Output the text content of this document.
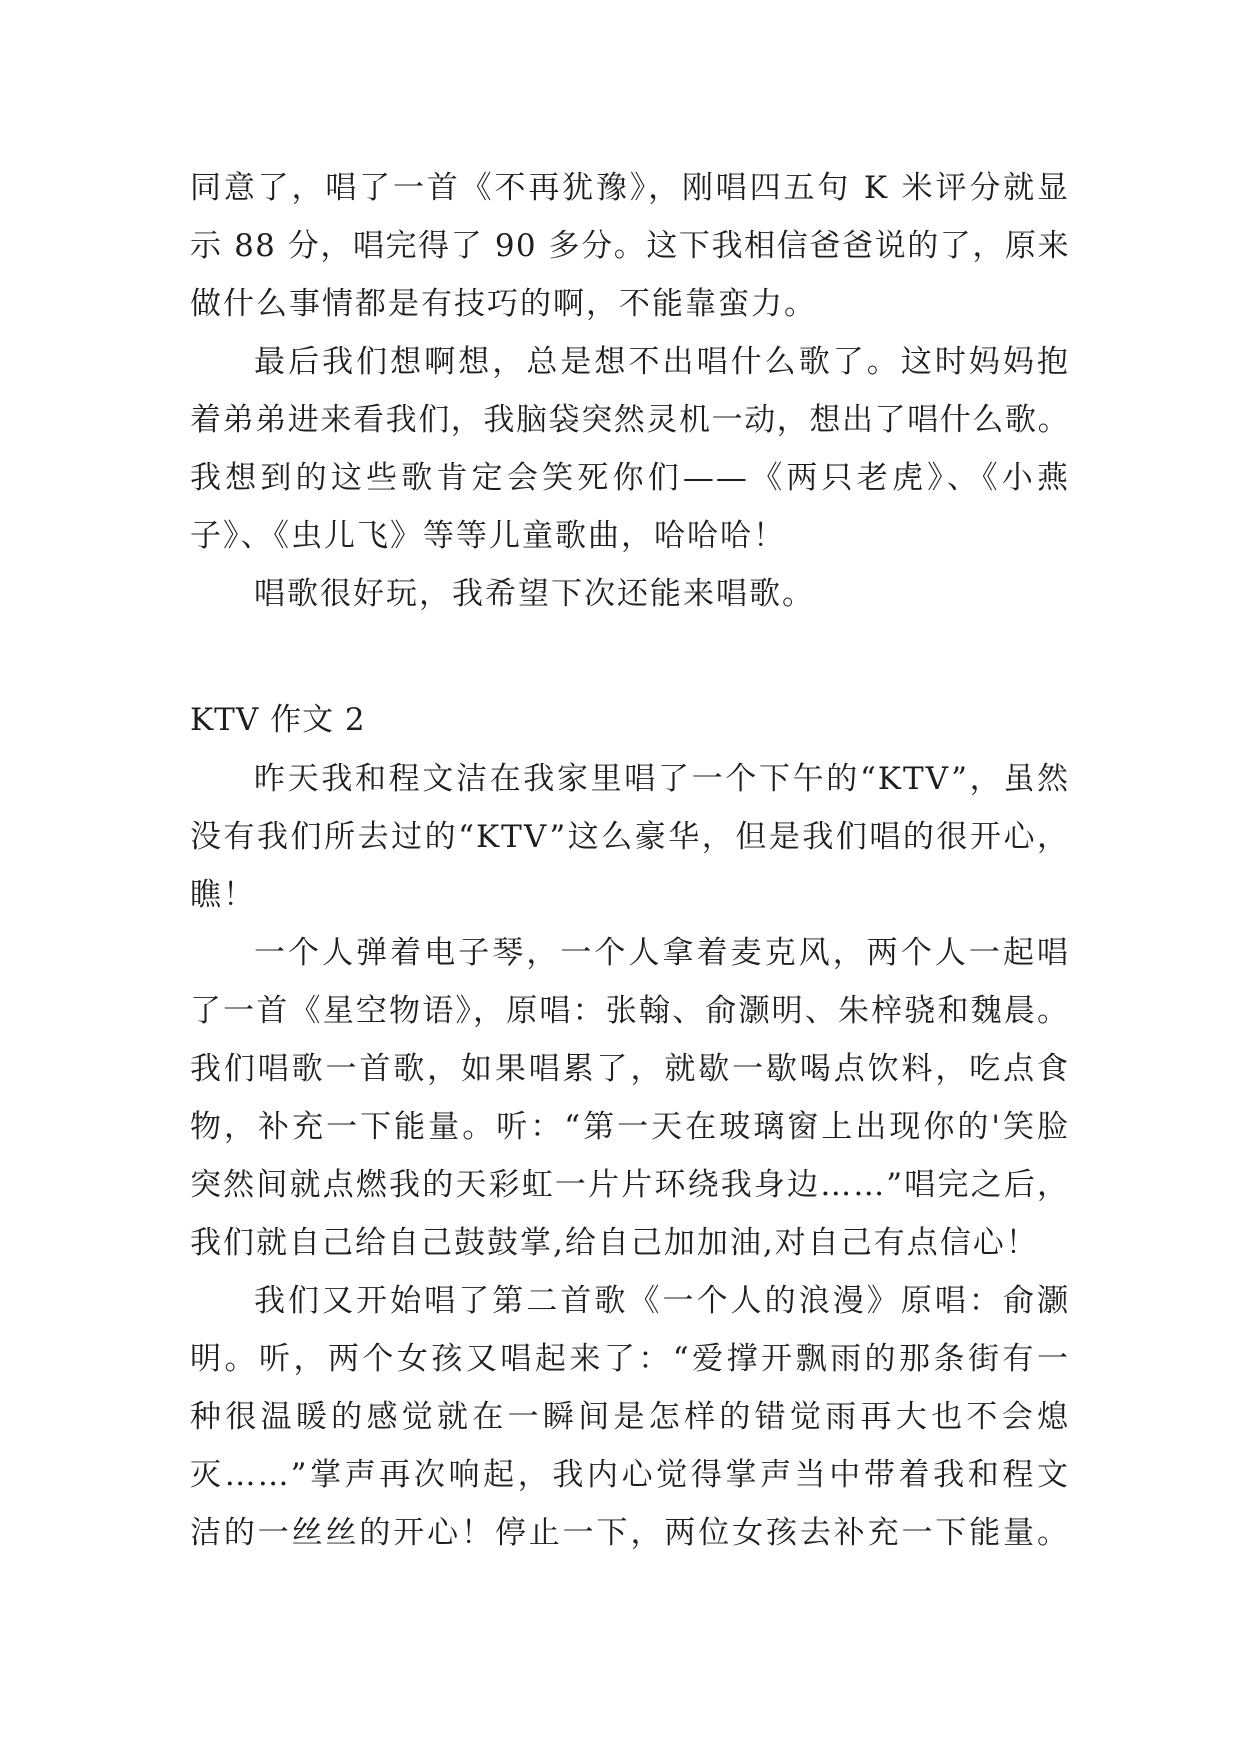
同意了，唱了一首《不再犹豫》，刚唱四五句 K 米评分就显
示 88 分，唱完得了 90 多分。这下我相信爸爸说的了，原来
做什么事情都是有技巧的啊，不能靠蛮力。
最后我们想啊想，总是想不出唱什么歌了。这时妈妈抱
着弟弟进来看我们，我脑袋突然灵机一动，想出了唱什么歌。
我想到的这些歌肯定会笑死你们——《两只老虎》、《小燕
子》、《虫儿飞》等等儿童歌曲，哈哈哈！
唱歌很好玩，我希望下次还能来唱歌。
KTV 作文 2
昨天我和程文洁在我家里唱了一个下午的“KTV”，虽然
没有我们所去过的“KTV”这么豪华，但是我们唱的很开心，
瞧！
一个人弹着电子琴，一个人拿着麦克风，两个人一起唱
了一首《星空物语》，原唱：张翰、俞灏明、朱梓骁和魏晨。
我们唱歌一首歌，如果唱累了，就歇一歇喝点饮料，吃点食
物，补充一下能量。听：“第一天在玻璃窗上出现你的'笑脸
突然间就点燃我的天彩虹一片片环绕我身边……”唱完之后，
我们就自己给自己鼓鼓掌,给自己加加油,对自己有点信心！
我们又开始唱了第二首歌《一个人的浪漫》原唱：俞灏
明。听，两个女孩又唱起来了：“爱撑开飘雨的那条街有一
种很温暖的感觉就在一瞬间是怎样的错觉雨再大也不会熄
灭……”掌声再次响起，我内心觉得掌声当中带着我和程文
洁的一丝丝的开心！停止一下，两位女孩去补充一下能量。
